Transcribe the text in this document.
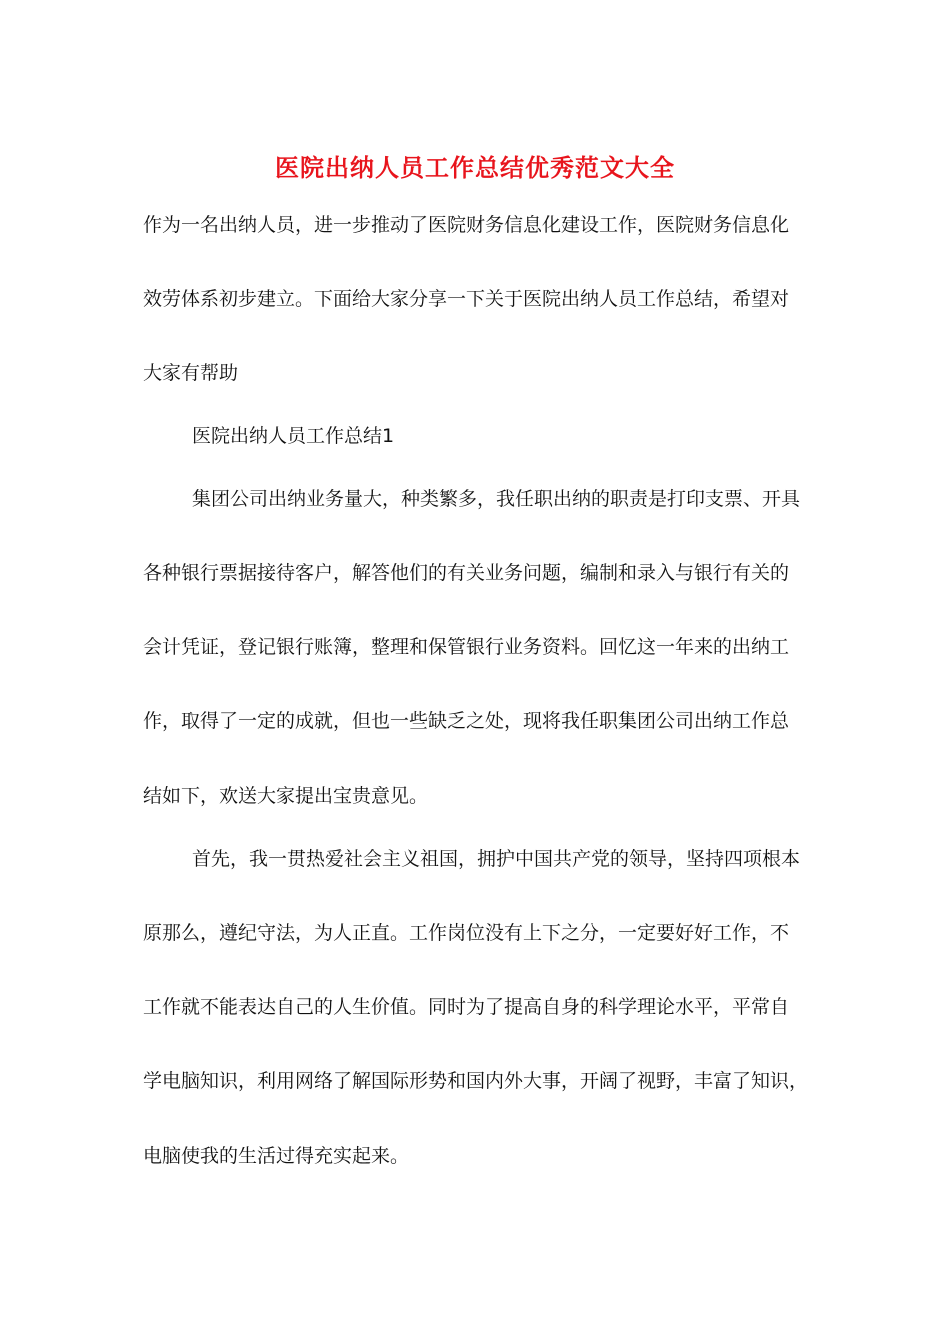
医院出纳人员工作总结优秀范文大全
作为一名出纳人员，进一步推动了医院财务信息化建设工作，医院财务信息化
效劳体系初步建立。下面给大家分享一下关于医院出纳人员工作总结，希望对
大家有帮助
医院出纳人员工作总结1
集团公司出纳业务量大，种类繁多，我任职出纳的职责是打印支票、开具
各种银行票据接待客户，解答他们的有关业务问题，编制和录入与银行有关的
会计凭证，登记银行账簿，整理和保管银行业务资料。回忆这一年来的出纳工
作，取得了一定的成就，但也一些缺乏之处，现将我任职集团公司出纳工作总
结如下，欢送大家提出宝贵意见。
首先，我一贯热爱社会主义祖国，拥护中国共产党的领导，坚持四项根本
原那么，遵纪守法，为人正直。工作岗位没有上下之分，一定要好好工作，不
工作就不能表达自己的人生价值。同时为了提高自身的科学理论水平，平常自
学电脑知识，利用网络了解国际形势和国内外大事，开阔了视野，丰富了知识，
电脑使我的生活过得充实起来。
